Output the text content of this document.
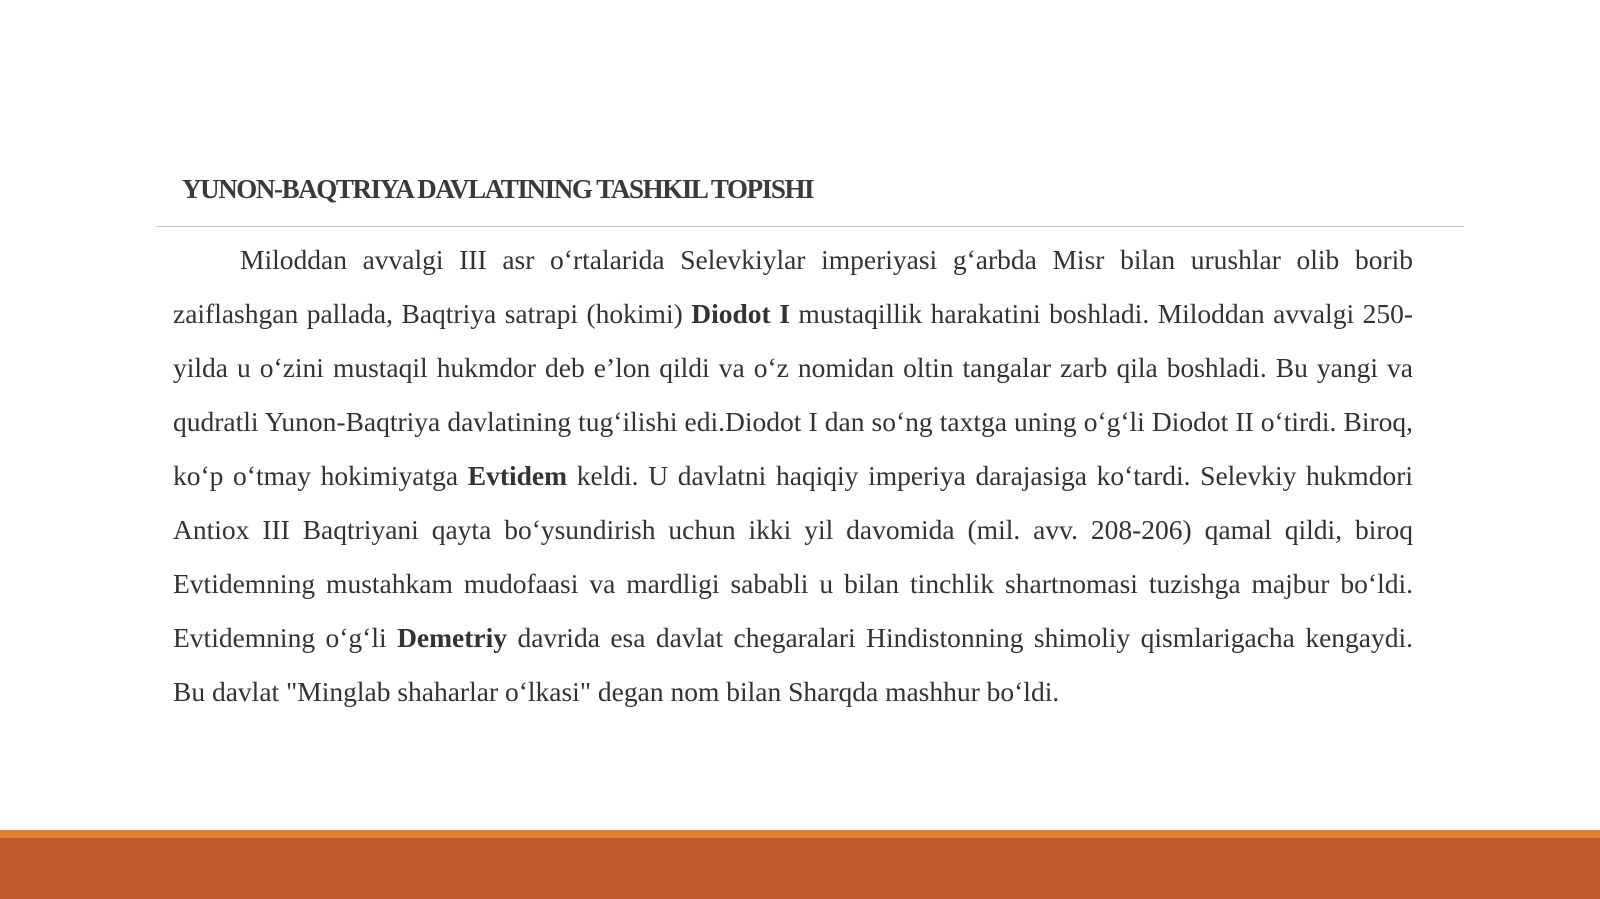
YUNON-BAQTRIYA DAVLATINING TASHKIL TOPISHI

Miloddan avvalgi III asr o‘rtalarida Selevkiylar imperiyasi g‘arbda Misr bilan urushlar olib borib zaiflashgan pallada, Baqtriya satrapi (hokimi) Diodot I mustaqillik harakatini boshladi. Miloddan avvalgi 250-yilda u o‘zini mustaqil hukmdor deb e’lon qildi va o‘z nomidan oltin tangalar zarb qila boshladi. Bu yangi va qudratli Yunon-Baqtriya davlatining tug‘ilishi edi.Diodot I dan so‘ng taxtga uning o‘g‘li Diodot II o‘tirdi. Biroq, ko‘p o‘tmay hokimiyatga Evtidem keldi. U davlatni haqiqiy imperiya darajasiga ko‘tardi. Selevkiy hukmdori Antiox III Baqtriyani qayta bo‘ysundirish uchun ikki yil davomida (mil. avv. 208-206) qamal qildi, biroq Evtidemning mustahkam mudofaasi va mardligi sababli u bilan tinchlik shartnomasi tuzishga majbur bo‘ldi. Evtidemning o‘g‘li Demetriy davrida esa davlat chegaralari Hindistonning shimoliy qismlarigacha kengaydi. Bu davlat "Minglab shaharlar o‘lkasi" degan nom bilan Sharqda mashhur bo‘ldi.
